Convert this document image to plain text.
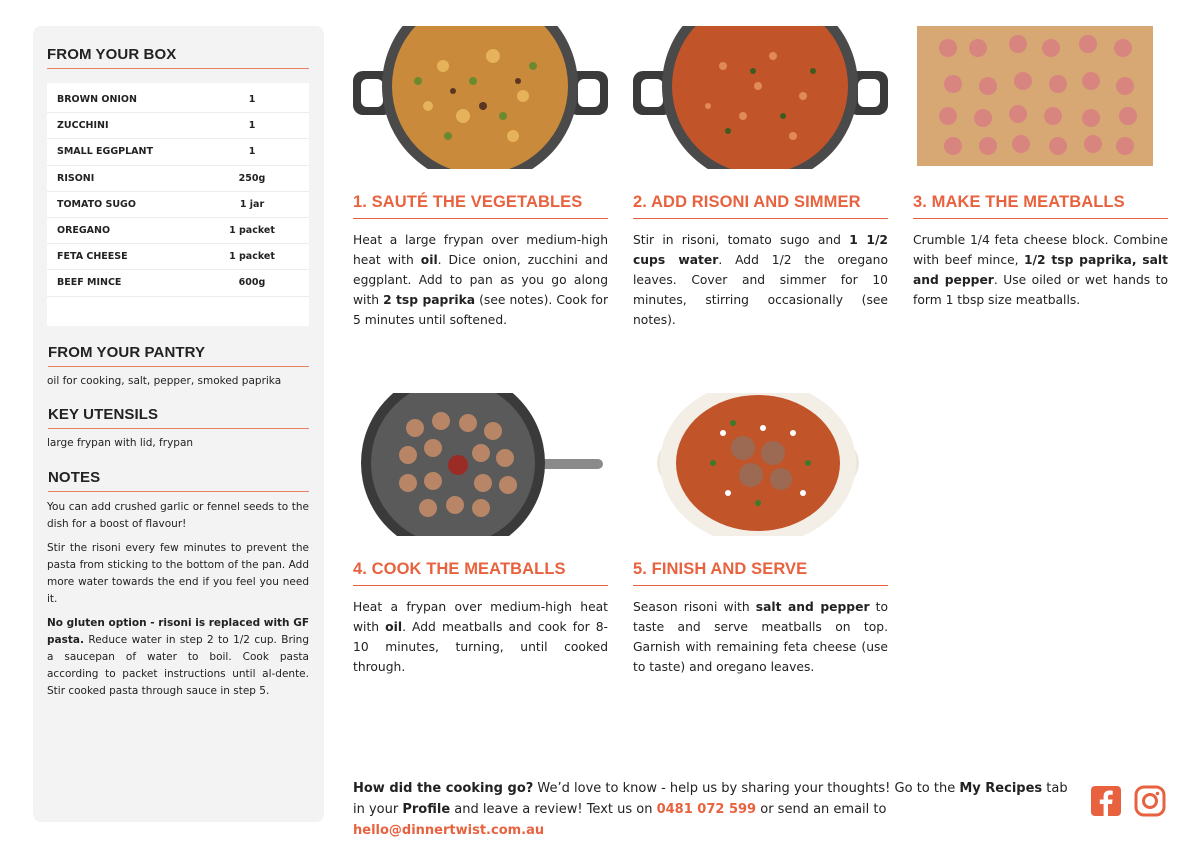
FROM YOUR BOX
BROWN ONION	1
ZUCCHINI	1
SMALL EGGPLANT	1
RISONI	250g
TOMATO SUGO	1 jar
OREGANO	1 packet
FETA CHEESE	1 packet
BEEF MINCE	600g
FROM YOUR PANTRY
oil for cooking, salt, pepper, smoked paprika
KEY UTENSILS
large frypan with lid, frypan
NOTES
You can add crushed garlic or fennel seeds to the dish for a boost of flavour!
Stir the risoni every few minutes to prevent the pasta from sticking to the bottom of the pan. Add more water towards the end if you feel you need it.
No gluten option - risoni is replaced with GF pasta. Reduce water in step 2 to 1/2 cup. Bring a saucepan of water to boil. Cook pasta according to packet instructions until al-dente. Stir cooked pasta through sauce in step 5.
1. SAUTÉ THE VEGETABLES
Heat a large frypan over medium-high heat with oil. Dice onion, zucchini and eggplant. Add to pan as you go along with 2 tsp paprika (see notes). Cook for 5 minutes until softened.
2. ADD RISONI AND SIMMER
Stir in risoni, tomato sugo and 1 1/2 cups water. Add 1/2 the oregano leaves. Cover and simmer for 10 minutes, stirring occasionally (see notes).
3. MAKE THE MEATBALLS
Crumble 1/4 feta cheese block. Combine with beef mince, 1/2 tsp paprika, salt and pepper. Use oiled or wet hands to form 1 tbsp size meatballs.
4. COOK THE MEATBALLS
Heat a frypan over medium-high heat with oil. Add meatballs and cook for 8-10 minutes, turning, until cooked through.
5. FINISH AND SERVE
Season risoni with salt and pepper to taste and serve meatballs on top. Garnish with remaining feta cheese (use to taste) and oregano leaves.
How did the cooking go? We’d love to know - help us by sharing your thoughts! Go to the My Recipes tab in your Profile and leave a review! Text us on 0481 072 599 or send an email to hello@dinnertwist.com.au
